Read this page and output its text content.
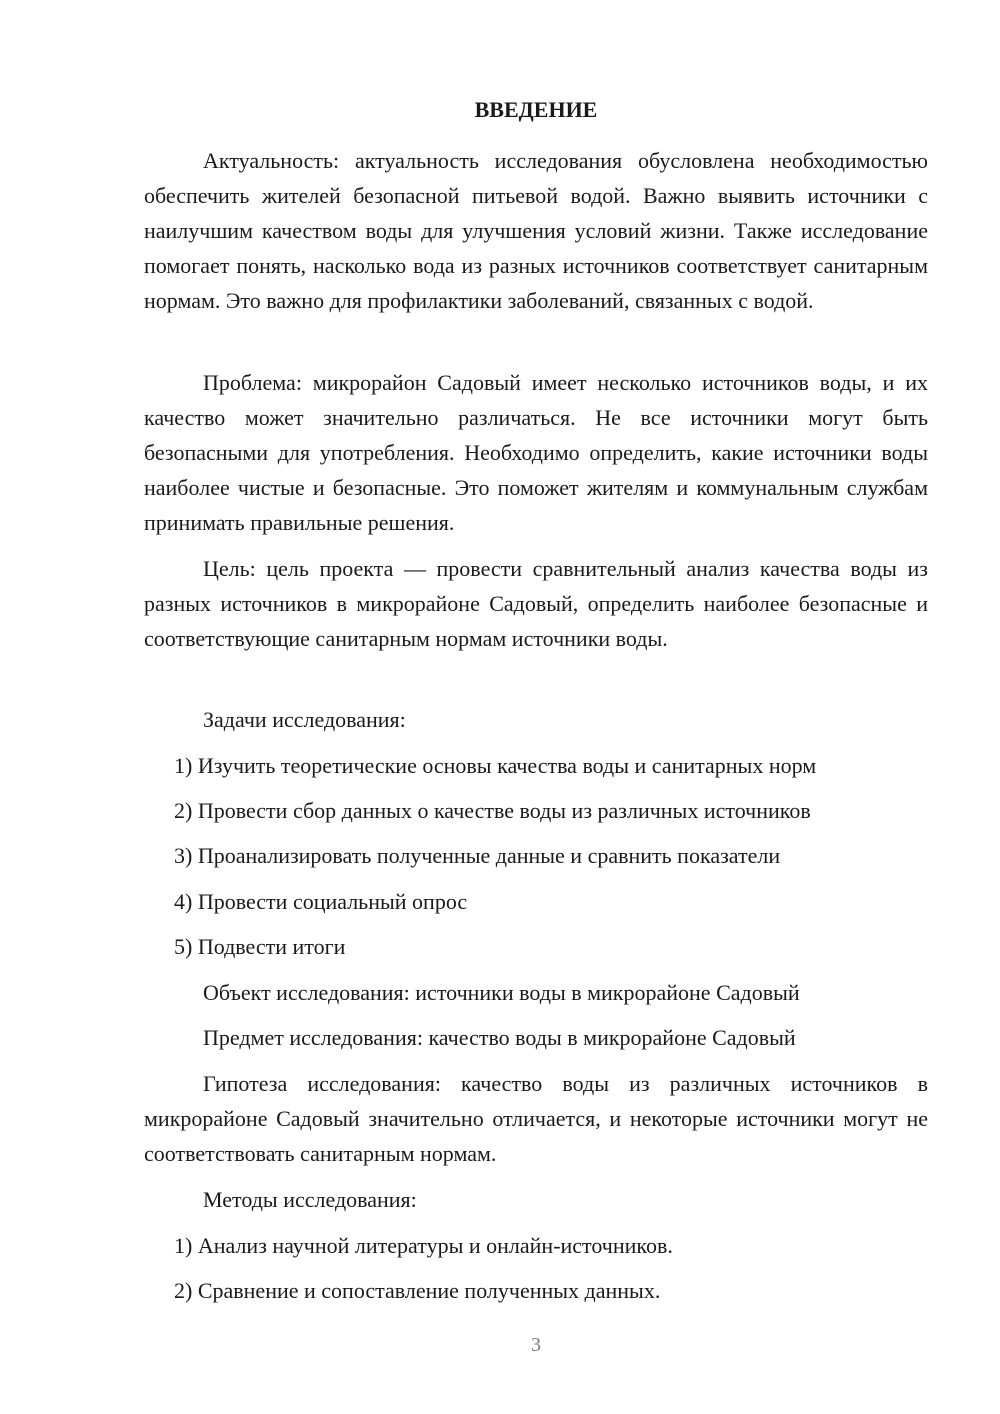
ВВЕДЕНИЕ

Актуальность: актуальность исследования обусловлена необходимостью обеспечить жителей безопасной питьевой водой. Важно выявить источники с наилучшим качеством воды для улучшения условий жизни. Также исследование помогает понять, насколько вода из разных источников соответствует санитарным нормам. Это важно для профилактики заболеваний, связанных с водой.

Проблема: микрорайон Садовый имеет несколько источников воды, и их качество может значительно различаться. Не все источники могут быть безопасными для употребления. Необходимо определить, какие источники воды наиболее чистые и безопасные. Это поможет жителям и коммунальным службам принимать правильные решения.

Цель: цель проекта — провести сравнительный анализ качества воды из разных источников в микрорайоне Садовый, определить наиболее безопасные и соответствующие санитарным нормам источники воды.

Задачи исследования:

1) Изучить теоретические основы качества воды и санитарных норм

2) Провести сбор данных о качестве воды из различных источников

3) Проанализировать полученные данные и сравнить показатели

4) Провести социальный опрос

5) Подвести итоги

Объект исследования: источники воды в микрорайоне Садовый

Предмет исследования: качество воды в микрорайоне Садовый

Гипотеза исследования: качество воды из различных источников в микрорайоне Садовый значительно отличается, и некоторые источники могут не соответствовать санитарным нормам.

Методы исследования:

1) Анализ научной литературы и онлайн-источников.

2) Сравнение и сопоставление полученных данных.

3
